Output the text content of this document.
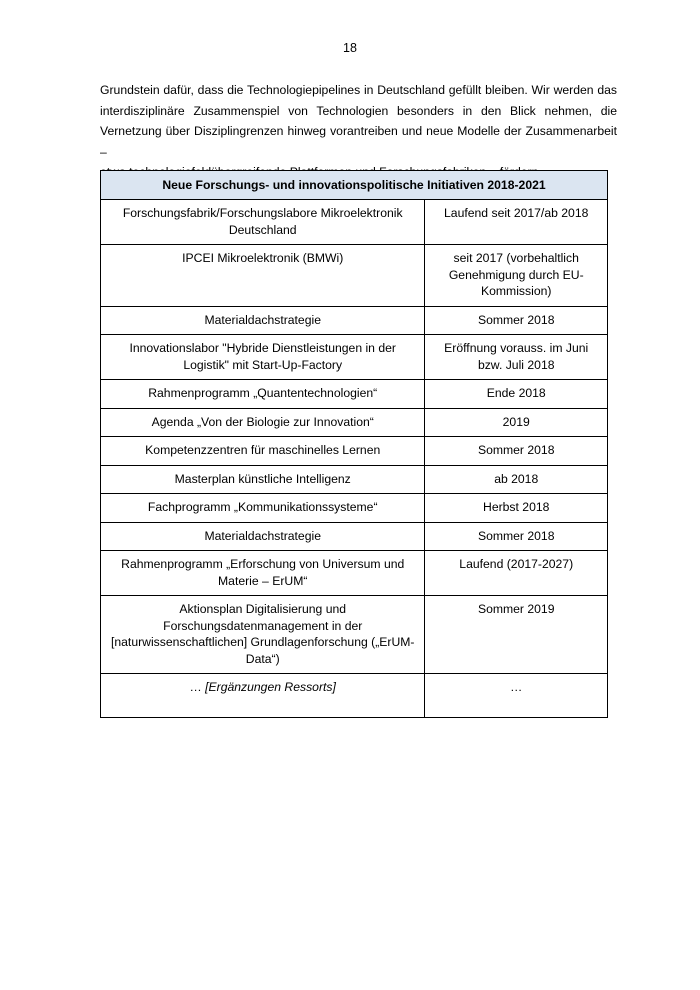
18

Grundstein dafür, dass die Technologiepipelines in Deutschland gefüllt bleiben. Wir werden das
interdisziplinäre Zusammenspiel von Technologien besonders in den Blick nehmen, die
Vernetzung über Disziplingrenzen hinweg vorantreiben und neue Modelle der Zusammenarbeit –

Neue Forschungs- und innovationspolitische Initiativen 2018-2021	
Forschungsfabrik/Forschungslabore Mikroelektronik Deutschland	Laufend seit 2017/ab 2018
IPCEI Mikroelektronik (BMWi)	seit 2017 (vorbehaltlich Genehmigung durch EU-Kommission)
Materialdachstrategie	Sommer 2018
Innovationslabor "Hybride Dienstleistungen in der Logistik" mit Start-Up-Factory	Eröffnung vorauss. im Juni bzw. Juli 2018
Rahmenprogramm „Quantentechnologien“	Ende 2018
Agenda „Von der Biologie zur Innovation“	2019
Kompetenzzentren für maschinelles Lernen	Sommer 2018
Masterplan künstliche Intelligenz	ab 2018
Fachprogramm „Kommunikationssysteme“	Herbst 2018
Materialdachstrategie	Sommer 2018
Rahmenprogramm „Erforschung von Universum und Materie – ErUM“	Laufend (2017-2027)
Aktionsplan Digitalisierung und Forschungsdatenmanagement in der [naturwissenschaftlichen] Grundlagenforschung („ErUM-Data“)	Sommer 2019
… [Ergänzungen Ressorts]	…
